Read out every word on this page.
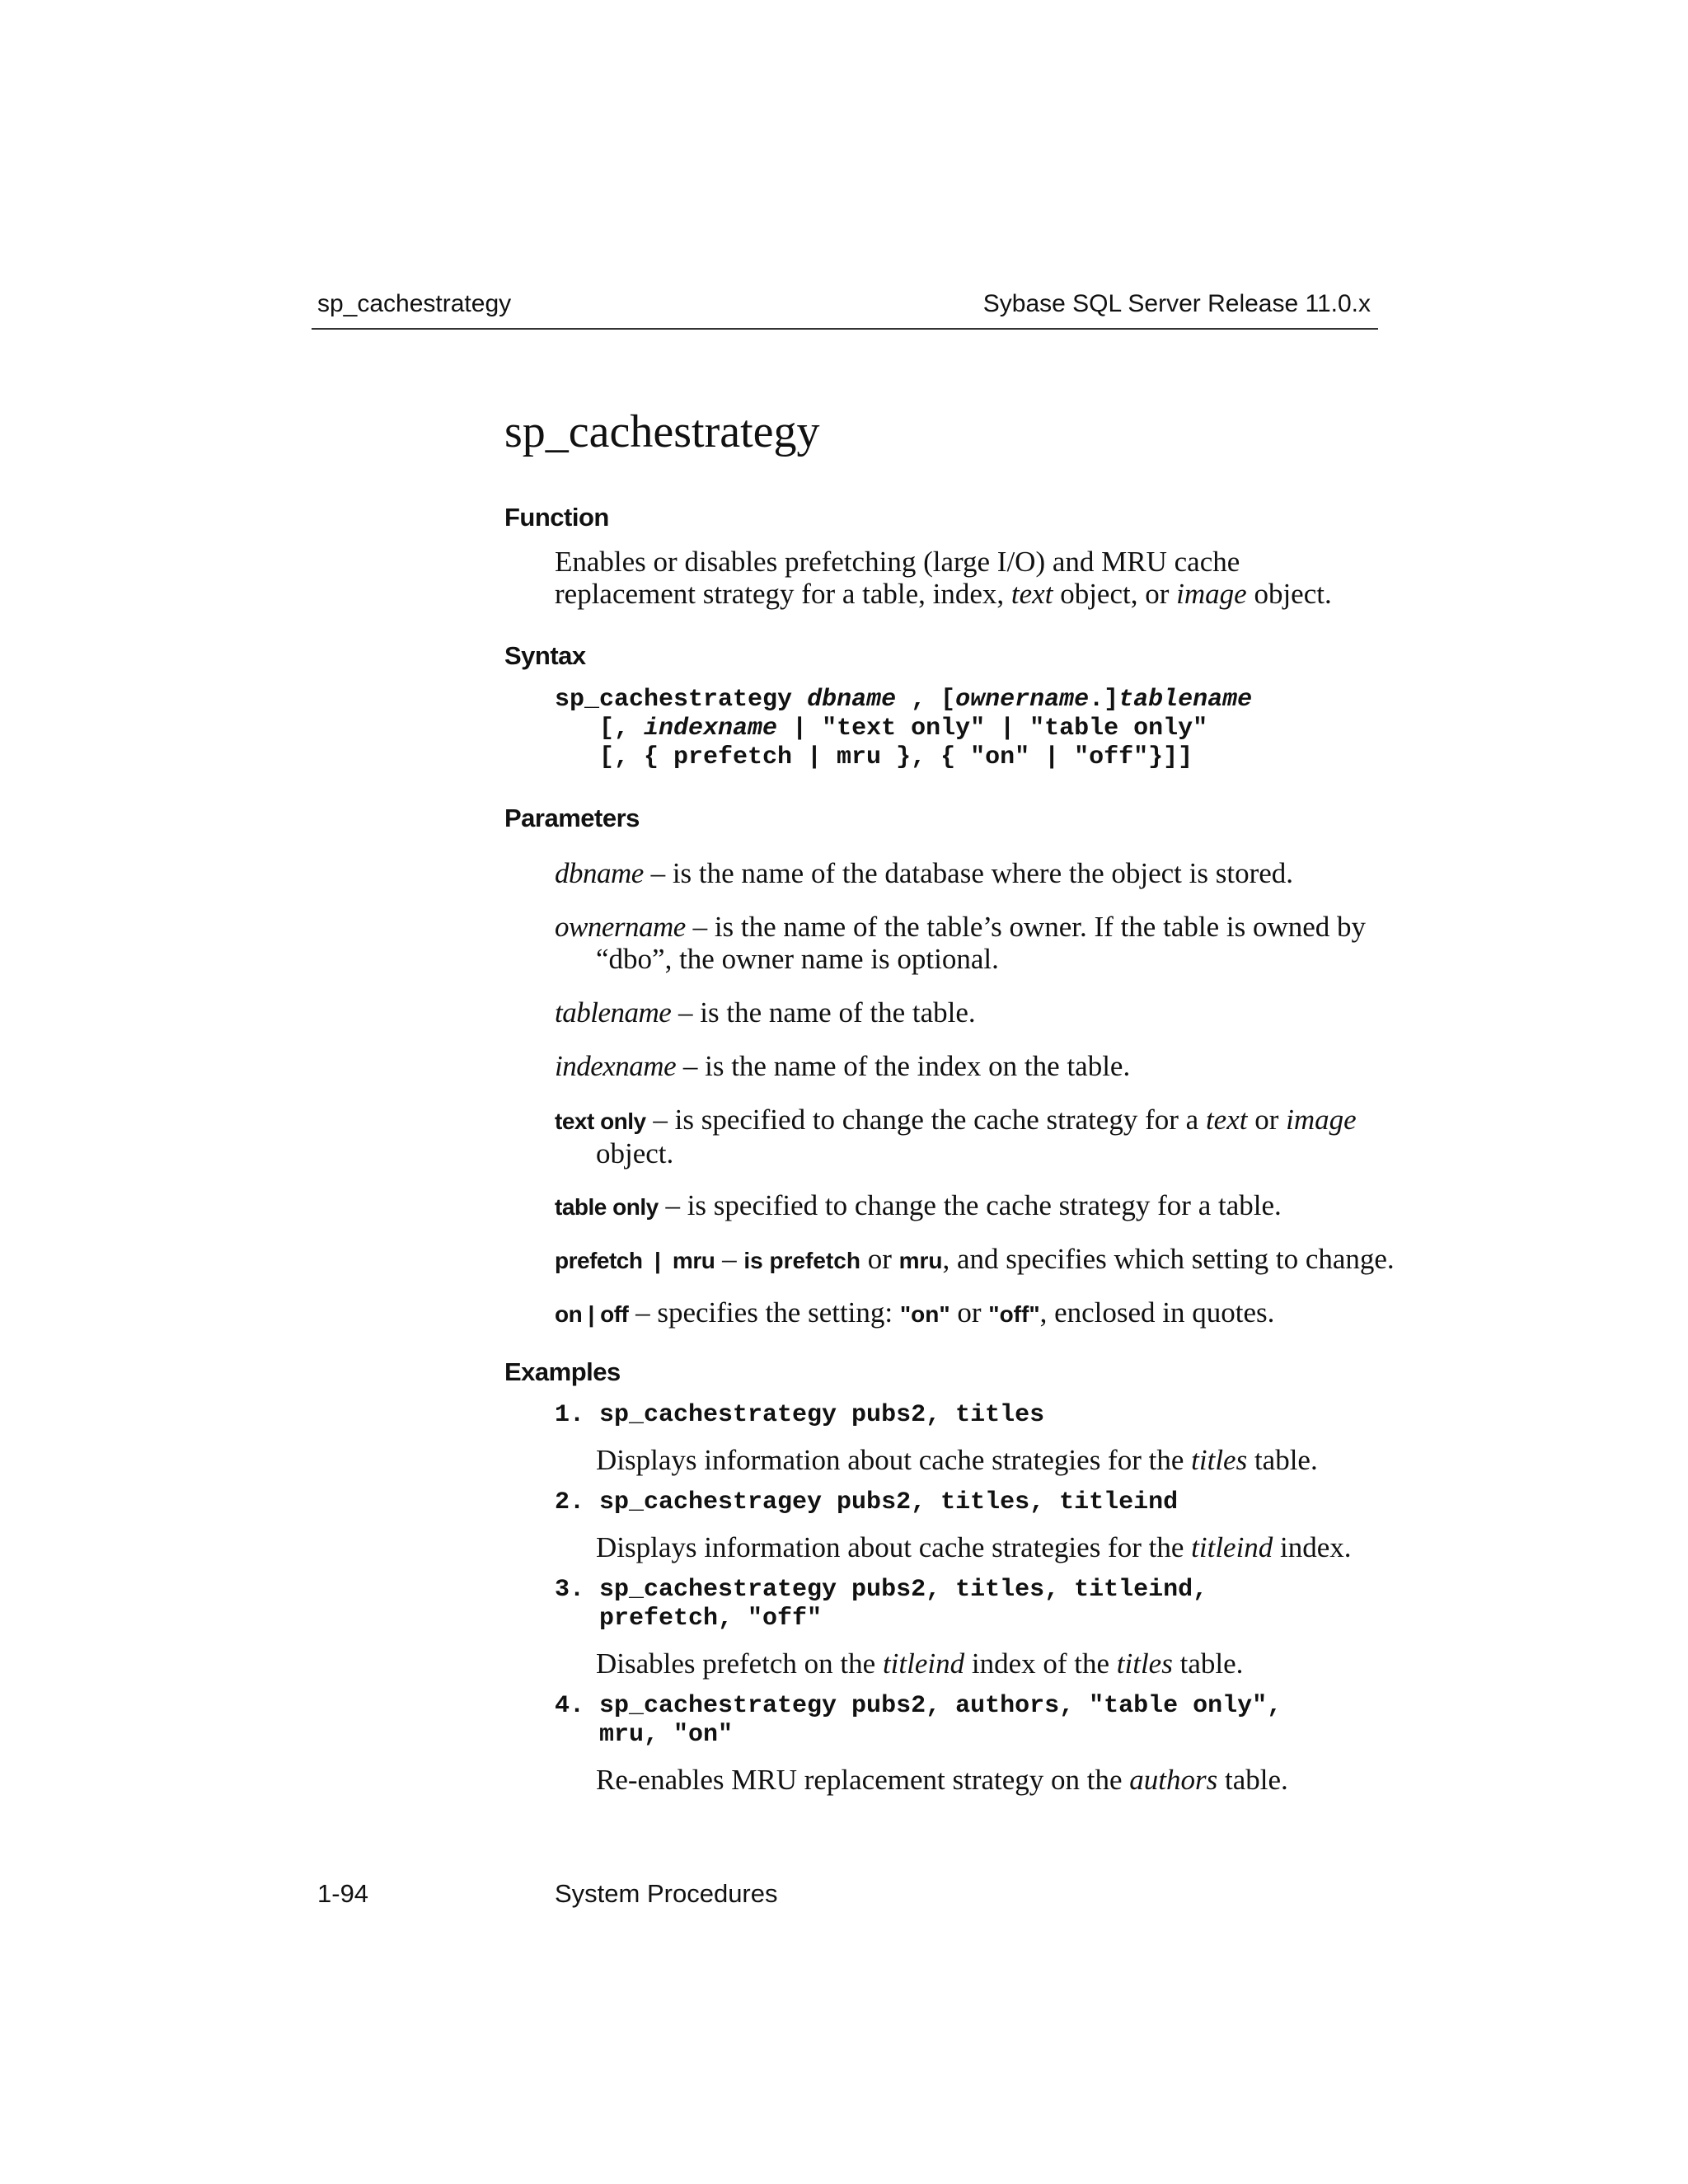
sp_cachestrategy	Sybase SQL Server Release 11.0.x
sp_cachestrategy
Function
Enables or disables prefetching (large I/O) and MRU cache
replacement strategy for a table, index, text object, or image object.
Syntax
sp_cachestrategy dbname , [ownername.]tablename
[, indexname | "text only" | "table only"
[, { prefetch | mru }, { "on" | "off"}]]
Parameters
dbname – is the name of the database where the object is stored.
ownername – is the name of the table’s owner. If the table is owned by “dbo”, the owner name is optional.
tablename – is the name of the table.
indexname – is the name of the index on the table.
text only – is specified to change the cache strategy for a text or image object.
table only – is specified to change the cache strategy for a table.
prefetch  |  mru – is prefetch or mru, and specifies which setting to change.
on | off – specifies the setting: "on" or "off", enclosed in quotes.
Examples
1. sp_cachestrategy pubs2, titles
Displays information about cache strategies for the titles table.
2. sp_cachestragey pubs2, titles, titleind
Displays information about cache strategies for the titleind index.
3. sp_cachestrategy pubs2, titles, titleind,
prefetch, "off"
Disables prefetch on the titleind index of the titles table.
4. sp_cachestrategy pubs2, authors, "table only",
mru, "on"
Re-enables MRU replacement strategy on the authors table.
1-94	System Procedures
